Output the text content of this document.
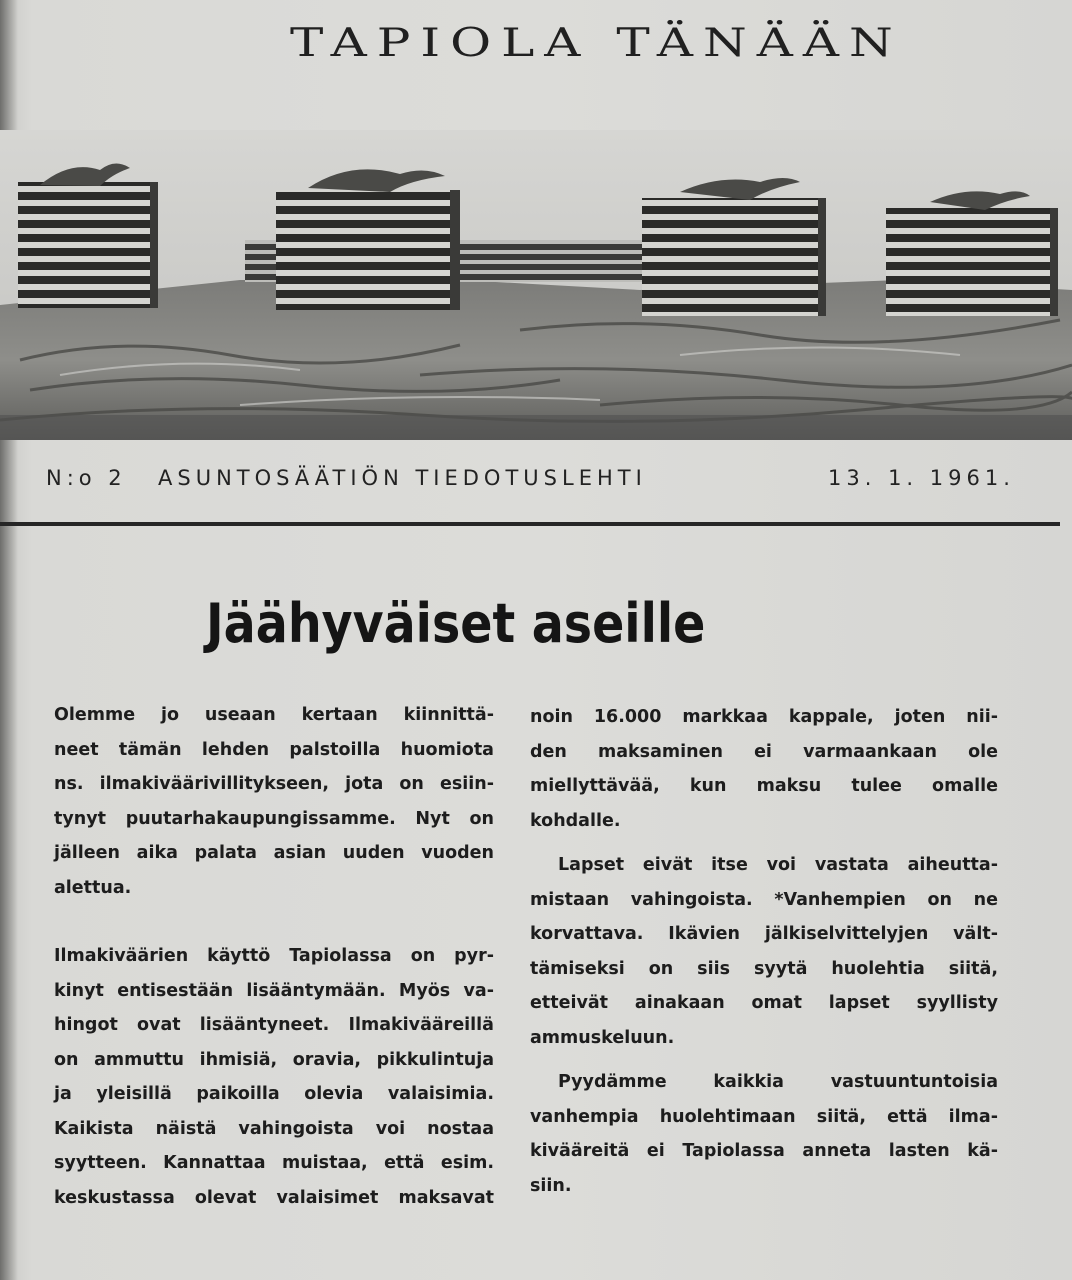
TAPIOLA TÄNÄÄN
N:o 2 ASUNTOSÄÄTIÖN TIEDOTUSLEHTI	13. 1. 1961.
Jäähyväiset aseille

Olemme jo useaan kertaan kiinnittä-
neet tämän lehden palstoilla huomiota
ns. ilmakiväärivillitykseen, jota on esiin-
tynyt puutarhakaupungissamme. Nyt on
jälleen aika palata asian uuden vuoden
alettua.

Ilmakiväärien käyttö Tapiolassa on pyr-
kinyt entisestään lisääntymään. Myös va-
hingot ovat lisääntyneet. Ilmakivääreillä
on ammuttu ihmisiä, oravia, pikkulintuja
ja yleisillä paikoilla olevia valaisimia.
Kaikista näistä vahingoista voi nostaa
syytteen. Kannattaa muistaa, että esim.
keskustassa olevat valaisimet maksavat

noin 16.000 markkaa kappale, joten nii-
den maksaminen ei varmaankaan ole
miellyttävää, kun maksu tulee omalle
kohdalle.

Lapset eivät itse voi vastata aiheutta-
mistaan vahingoista. *Vanhempien on ne
korvattava. Ikävien jälkiselvittelyjen vält-
tämiseksi on siis syytä huolehtia siitä,
etteivät ainakaan omat lapset syyllisty
ammuskeluun.

Pyydämme kaikkia vastuuntuntoisia
vanhempia huolehtimaan siitä, että ilma-
kivääreitä ei Tapiolassa anneta lasten kä-
siin.
